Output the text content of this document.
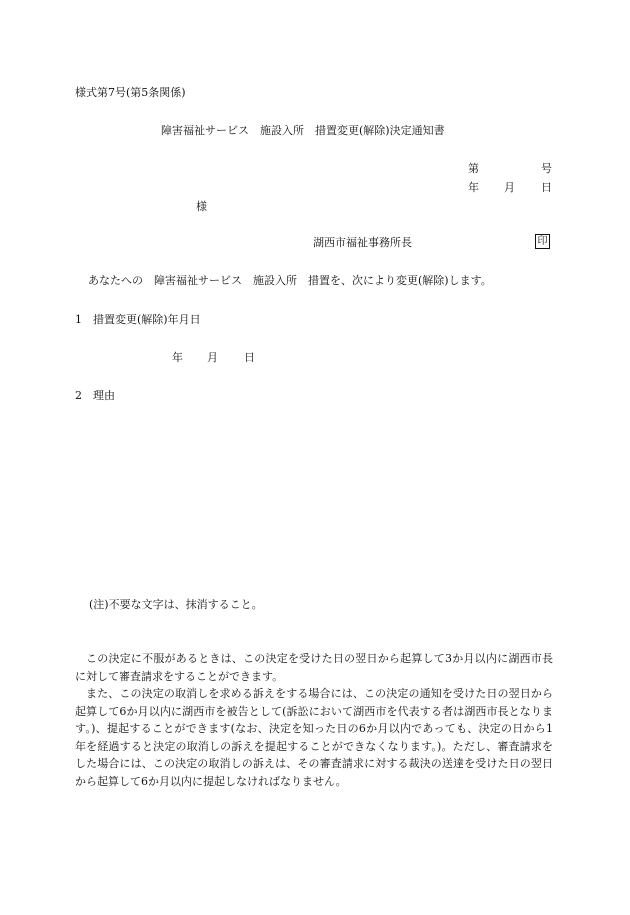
様式第7号(第5条関係)
障害福祉サービス　施設入所　措置変更(解除)決定通知書
第	号
年 月 日
様
湖西市福祉事務所長	印
あなたへの　障害福祉サービス　施設入所　措置を、次により変更(解除)します。
1　措置変更(解除)年月日
年 月 日
2　理由
(注)不要な文字は、抹消すること。

この決定に不服があるときは、この決定を受けた日の翌日から起算して3か月以内に湖西市長に対して審査請求をすることができます。

また、この決定の取消しを求める訴えをする場合には、この決定の通知を受けた日の翌日から起算して6か月以内に湖西市を被告として(訴訟において湖西市を代表する者は湖西市長となります。)、提起することができます(なお、決定を知った日の6か月以内であっても、決定の日から1年を経過すると決定の取消しの訴えを提起することができなくなります。)。ただし、審査請求をした場合には、この決定の取消しの訴えは、その審査請求に対する裁決の送達を受けた日の翌日から起算して6か月以内に提起しなければなりません。
